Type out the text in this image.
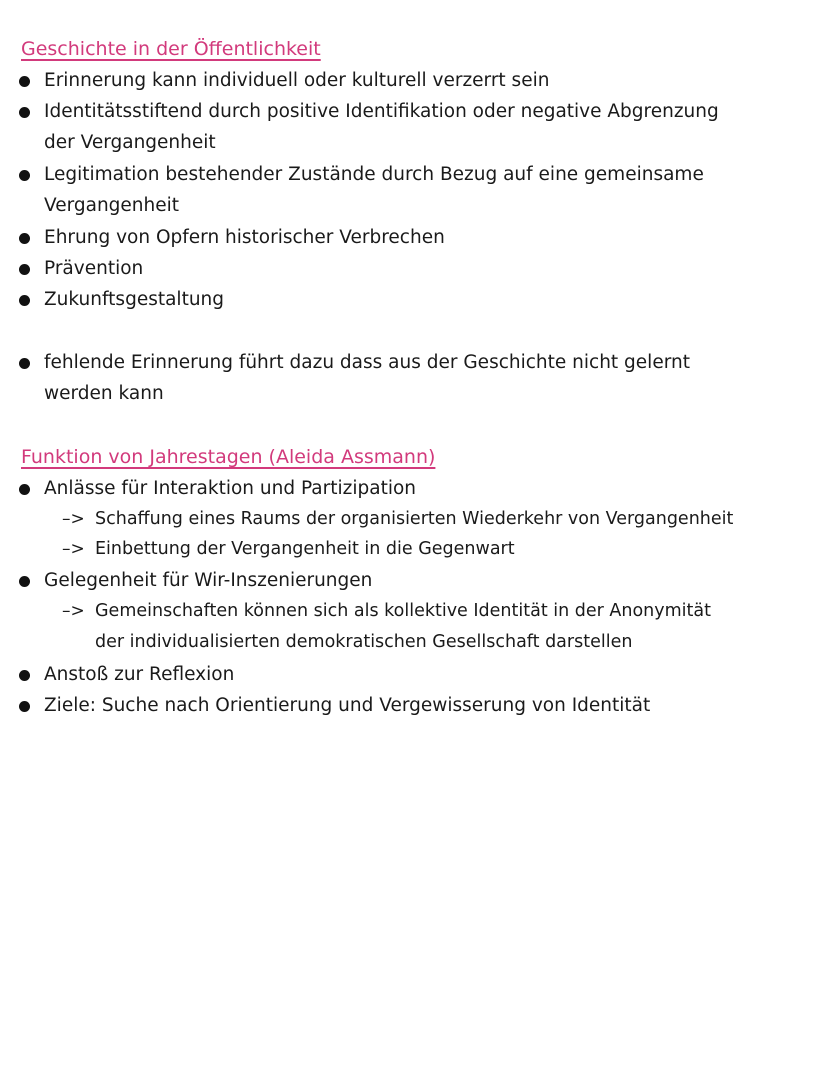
Geschichte in der Öffentlichkeit
Erinnerung kann individuell oder kulturell verzerrt sein
Identitätsstiftend durch positive Identifikation oder negative Abgrenzung
der Vergangenheit
Legitimation bestehender Zustände durch Bezug auf eine gemeinsame
Vergangenheit
Ehrung von Opfern historischer Verbrechen
Prävention
Zukunftsgestaltung
fehlende Erinnerung führt dazu dass aus der Geschichte nicht gelernt
werden kann
Funktion von Jahrestagen (Aleida Assmann)
Anlässe für Interaktion und Partizipation
–> Schaffung eines Raums der organisierten Wiederkehr von Vergangenheit
–> Einbettung der Vergangenheit in die Gegenwart
Gelegenheit für Wir-Inszenierungen
–> Gemeinschaften können sich als kollektive Identität in der Anonymität
der individualisierten demokratischen Gesellschaft darstellen
Anstoß zur Reflexion
Ziele: Suche nach Orientierung und Vergewisserung von Identität
